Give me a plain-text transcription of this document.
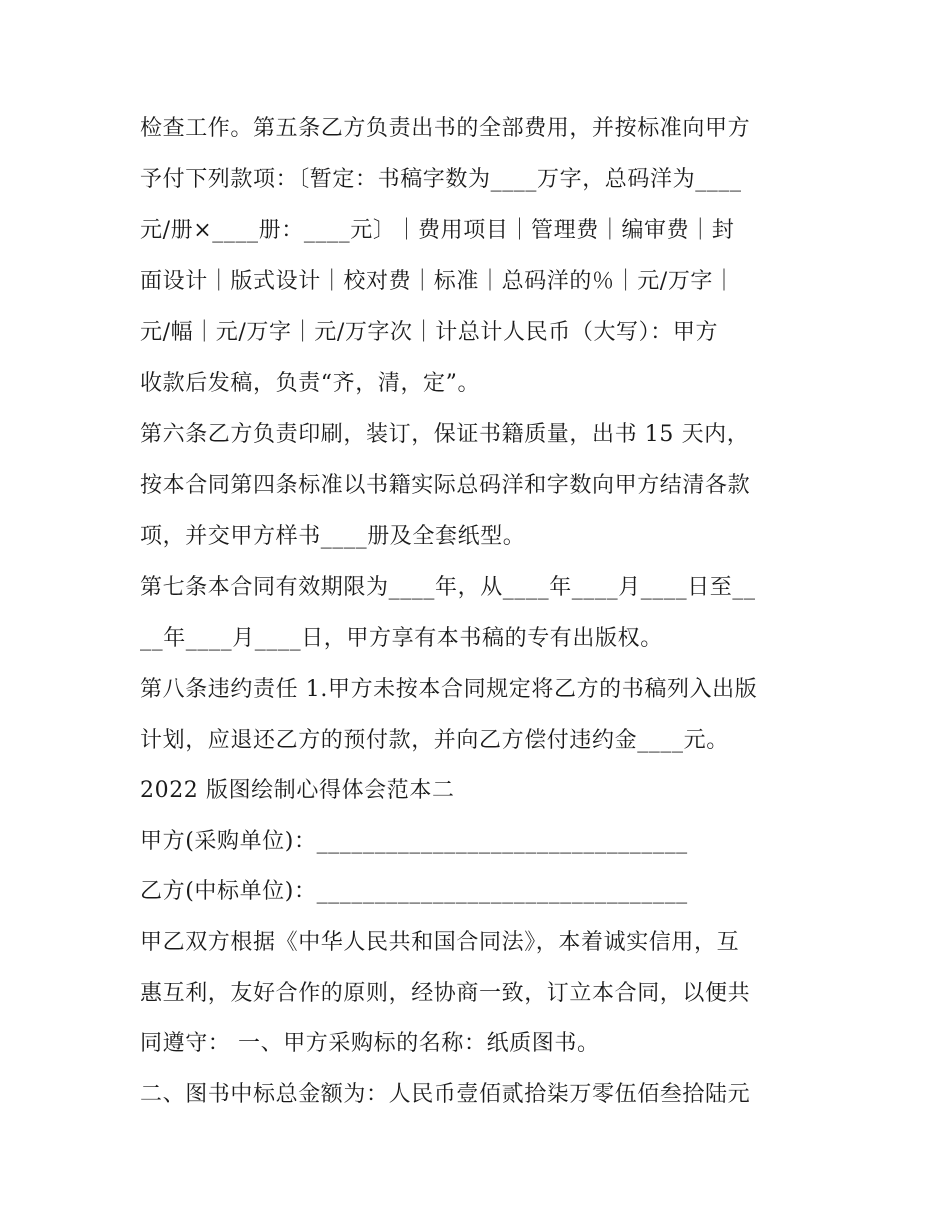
检查工作。第五条乙方负责出书的全部费用，并按标准向甲方
予付下列款项：〔暂定：书稿字数为____万字，总码洋为____
元/册×____册：____元〕｜费用项目｜管理费｜编审费｜封
面设计｜版式设计｜校对费｜标准｜总码洋的％｜元/万字｜
元/幅｜元/万字｜元/万字次｜计总计人民币（大写）：甲方
收款后发稿，负责“齐，清，定”。
第六条乙方负责印刷，装订，保证书籍质量，出书 15 天内，
按本合同第四条标准以书籍实际总码洋和字数向甲方结清各款
项，并交甲方样书____册及全套纸型。
第七条本合同有效期限为____年，从____年____月____日至__
__年____月____日，甲方享有本书稿的专有出版权。
第八条违约责任 1.甲方未按本合同规定将乙方的书稿列入出版
计划，应退还乙方的预付款，并向乙方偿付违约金____元。
2022 版图绘制心得体会范本二
甲方(采购单位)：________________________________
乙方(中标单位)：________________________________
甲乙双方根据《中华人民共和国合同法》，本着诚实信用，互
惠互利，友好合作的原则，经协商一致，订立本合同，以便共
同遵守： 一、甲方采购标的名称：纸质图书。
二、图书中标总金额为：人民币壹佰贰拾柒万零伍佰叁拾陆元
